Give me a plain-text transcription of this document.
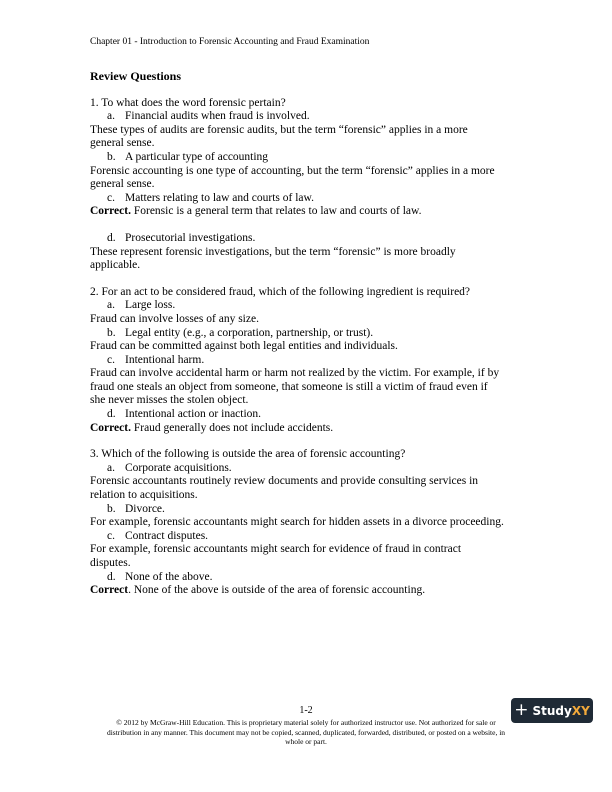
Chapter 01 - Introduction to Forensic Accounting and Fraud Examination
Review Questions
1. To what does the word forensic pertain?
a. Financial audits when fraud is involved.
These types of audits are forensic audits, but the term “forensic” applies in a more
general sense.
b. A particular type of accounting
Forensic accounting is one type of accounting, but the term “forensic” applies in a more
general sense.
c. Matters relating to law and courts of law.
Correct. Forensic is a general term that relates to law and courts of law.
d. Prosecutorial investigations.
These represent forensic investigations, but the term “forensic” is more broadly
applicable.
2. For an act to be considered fraud, which of the following ingredient is required?
a. Large loss.
Fraud can involve losses of any size.
b. Legal entity (e.g., a corporation, partnership, or trust).
Fraud can be committed against both legal entities and individuals.
c. Intentional harm.
Fraud can involve accidental harm or harm not realized by the victim. For example, if by
fraud one steals an object from someone, that someone is still a victim of fraud even if
she never misses the stolen object.
d. Intentional action or inaction.
Correct. Fraud generally does not include accidents.
3. Which of the following is outside the area of forensic accounting?
a. Corporate acquisitions.
Forensic accountants routinely review documents and provide consulting services in
relation to acquisitions.
b. Divorce.
For example, forensic accountants might search for hidden assets in a divorce proceeding.
c. Contract disputes.
For example, forensic accountants might search for evidence of fraud in contract
disputes.
d. None of the above.
Correct. None of the above is outside of the area of forensic accounting.
+ Study XY
1-2
© 2012 by McGraw-Hill Education. This is proprietary material solely for authorized instructor use. Not authorized for sale or
distribution in any manner. This document may not be copied, scanned, duplicated, forwarded, distributed, or posted on a website, in
whole or part.
